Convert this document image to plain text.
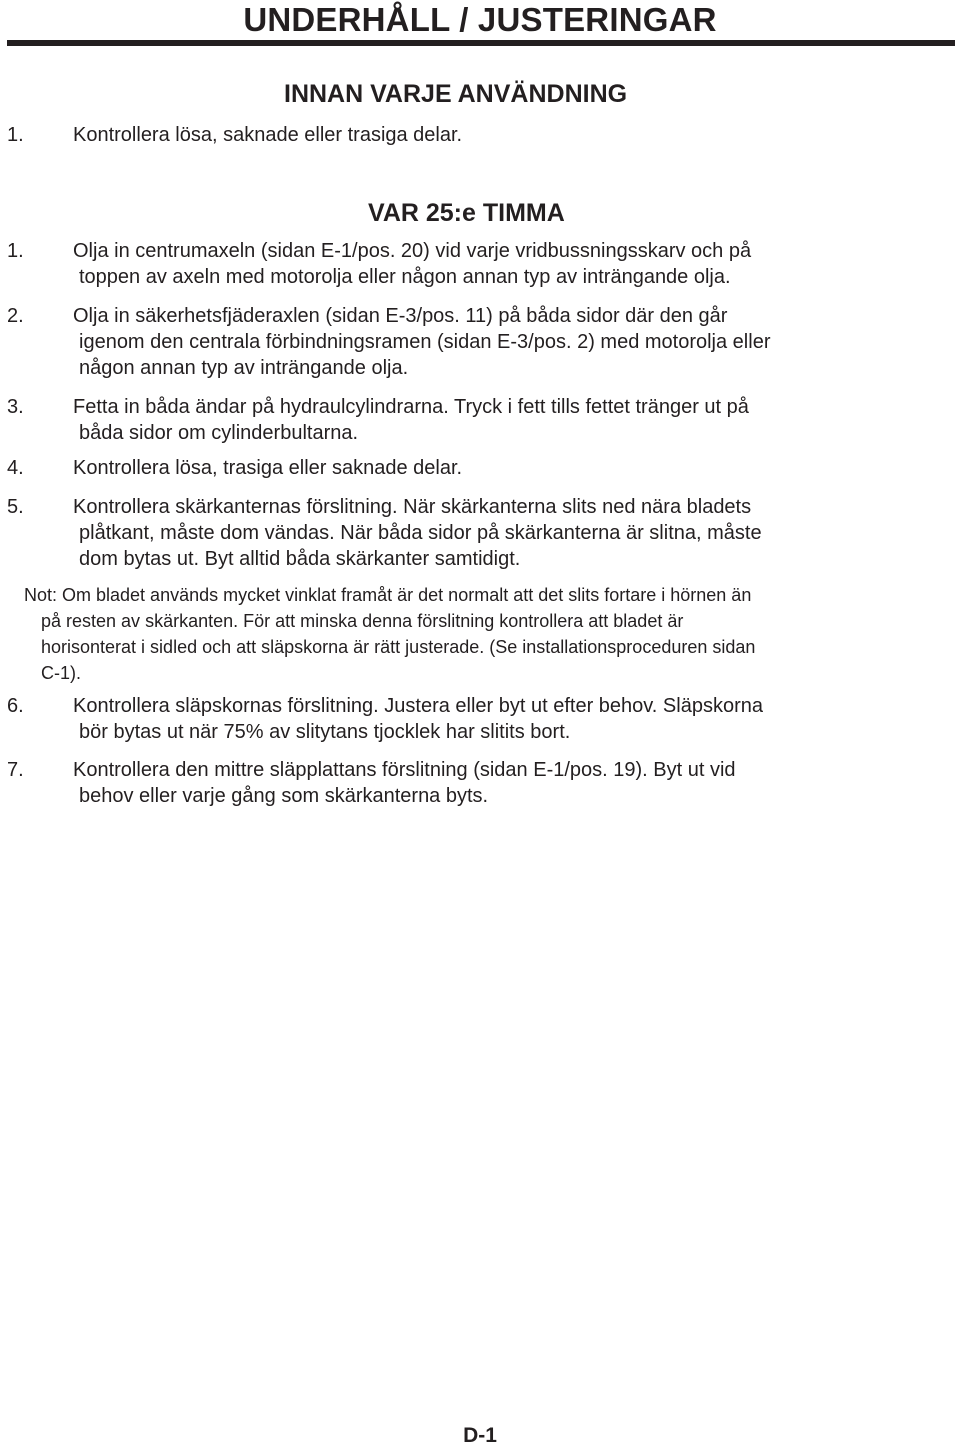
UNDERHÅLL / JUSTERINGAR
INNAN VARJE ANVÄNDNING
1. Kontrollera lösa, saknade eller trasiga delar.
VAR 25:e TIMMA
1. Olja in centrumaxeln (sidan E-1/pos. 20) vid varje vridbussningsskarv och på
toppen av axeln med motorolja eller någon annan typ av inträngande olja.
2. Olja in säkerhetsfjäderaxlen (sidan E-3/pos. 11) på båda sidor där den går
igenom den centrala förbindningsramen (sidan E-3/pos. 2) med motorolja eller
någon annan typ av inträngande olja.
3. Fetta in båda ändar på hydraulcylindrarna. Tryck i fett tills fettet tränger ut på
båda sidor om cylinderbultarna.
4. Kontrollera lösa, trasiga eller saknade delar.
5. Kontrollera skärkanternas förslitning. När skärkanterna slits ned nära bladets
plåtkant, måste dom vändas. När båda sidor på skärkanterna är slitna, måste
dom bytas ut. Byt alltid båda skärkanter samtidigt.
Not: Om bladet används mycket vinklat framåt är det normalt att det slits fortare i hörnen än
på resten av skärkanten. För att minska denna förslitning kontrollera att bladet är
horisonterat i sidled och att släpskorna är rätt justerade. (Se installationsproceduren sidan
C-1).
6. Kontrollera släpskornas förslitning. Justera eller byt ut efter behov. Släpskorna
bör bytas ut när 75% av slitytans tjocklek har slitits bort.
7. Kontrollera den mittre släpplattans förslitning (sidan E-1/pos. 19). Byt ut vid
behov eller varje gång som skärkanterna byts.
D-1
